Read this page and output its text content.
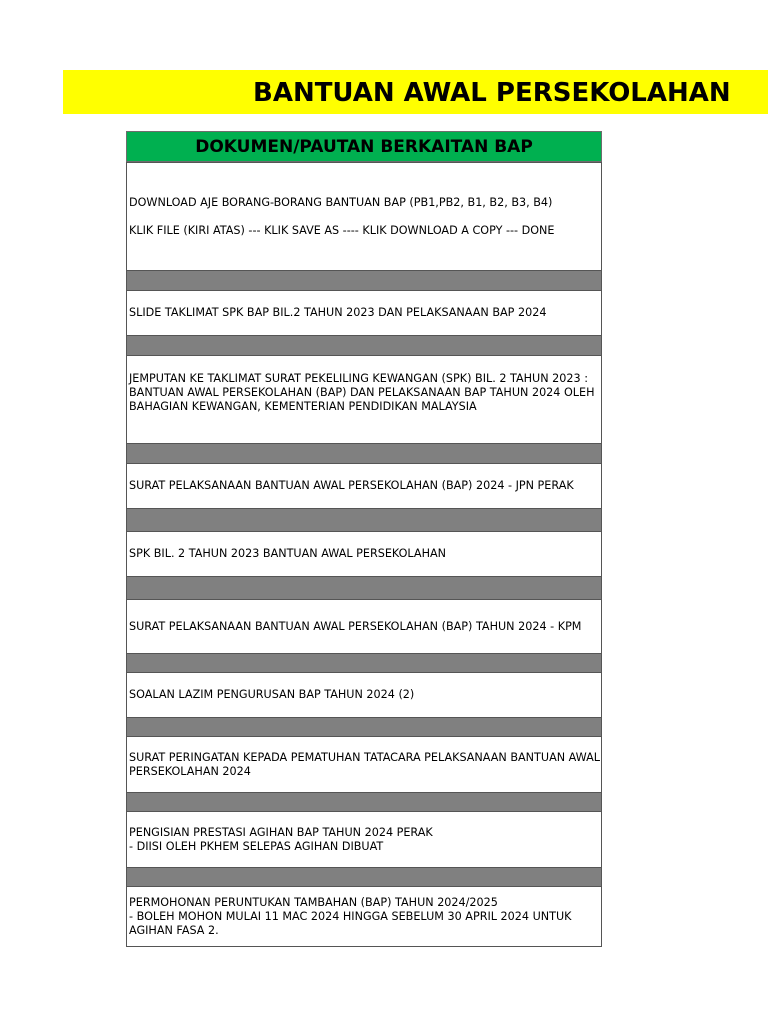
BANTUAN AWAL PERSEKOLAHAN
DOKUMEN/PAUTAN BERKAITAN BAP
DOWNLOAD AJE BORANG-BORANG BANTUAN BAP (PB1,PB2, B1, B2, B3, B4)
KLIK FILE (KIRI ATAS) --- KLIK SAVE AS ---- KLIK DOWNLOAD A COPY --- DONE
SLIDE TAKLIMAT SPK BAP BIL.2 TAHUN 2023 DAN PELAKSANAAN BAP 2024
JEMPUTAN KE TAKLIMAT SURAT PEKELILING KEWANGAN (SPK) BIL. 2 TAHUN 2023 : BANTUAN AWAL PERSEKOLAHAN (BAP) DAN PELAKSANAAN BAP TAHUN 2024 OLEH BAHAGIAN KEWANGAN, KEMENTERIAN PENDIDIKAN MALAYSIA
SURAT PELAKSANAAN BANTUAN AWAL PERSEKOLAHAN (BAP) 2024 - JPN PERAK
SPK BIL. 2 TAHUN 2023 BANTUAN AWAL PERSEKOLAHAN
SURAT PELAKSANAAN BANTUAN AWAL PERSEKOLAHAN (BAP) TAHUN 2024 - KPM
SOALAN LAZIM PENGURUSAN BAP TAHUN 2024 (2)
SURAT PERINGATAN KEPADA PEMATUHAN TATACARA PELAKSANAAN BANTUAN AWAL PERSEKOLAHAN 2024
PENGISIAN PRESTASI AGIHAN BAP TAHUN 2024 PERAK
- DIISI OLEH PKHEM SELEPAS AGIHAN DIBUAT
PERMOHONAN PERUNTUKAN TAMBAHAN (BAP) TAHUN 2024/2025
- BOLEH MOHON MULAI 11 MAC 2024 HINGGA SEBELUM 30 APRIL 2024 UNTUK AGIHAN FASA 2.
